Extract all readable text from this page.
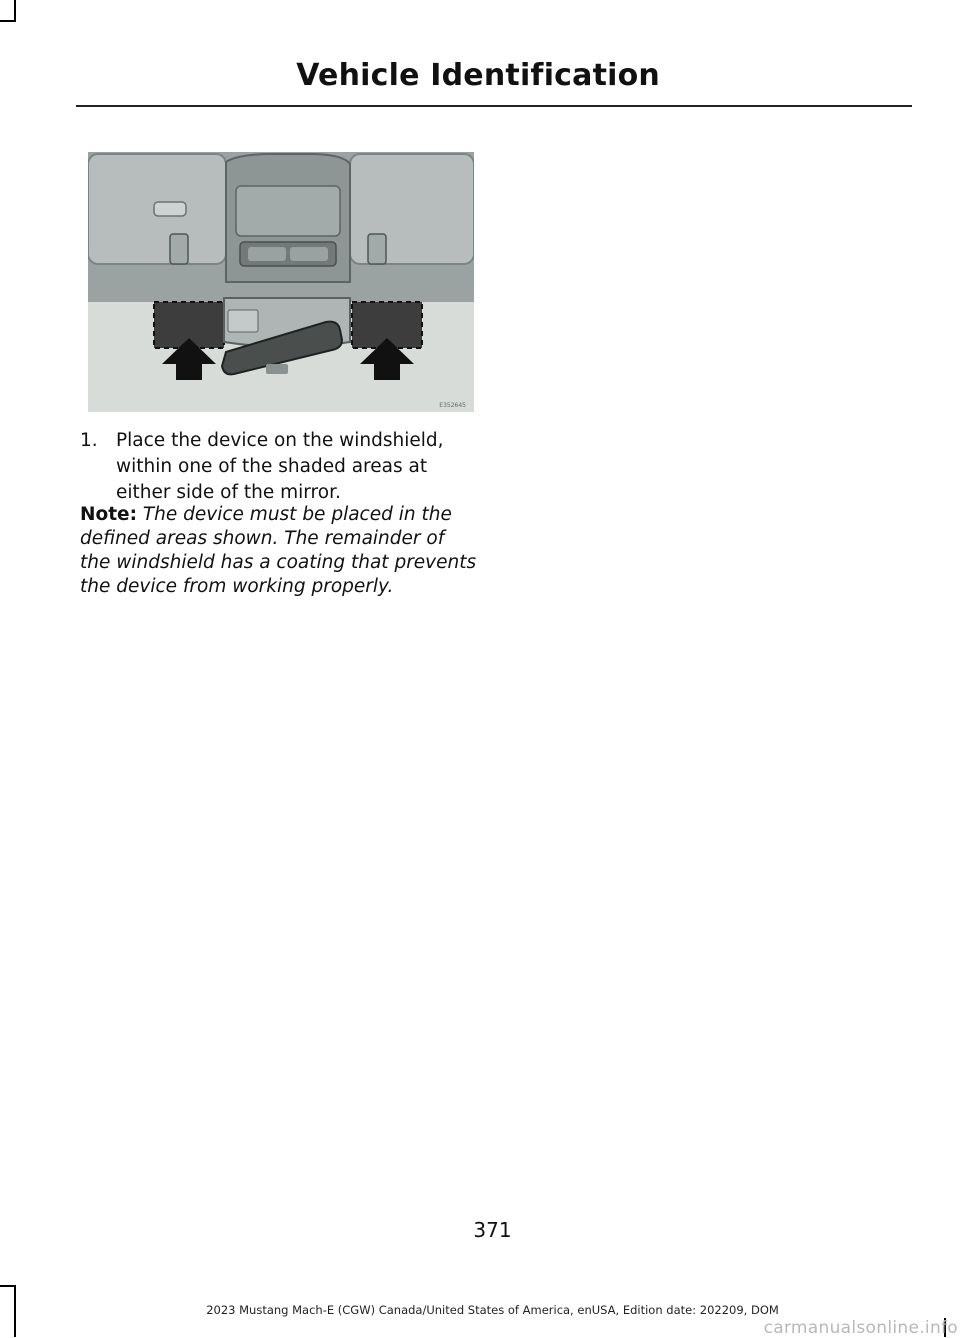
Vehicle Identification
E352645
1. Place the device on the windshield, within one of the shaded areas at either side of the mirror.
Note: The device must be placed in the defined areas shown. The remainder of the windshield has a coating that prevents the device from working properly.
371
2023 Mustang Mach-E (CGW) Canada/United States of America, enUSA, Edition date: 202209, DOM
carmanualsonline.info
